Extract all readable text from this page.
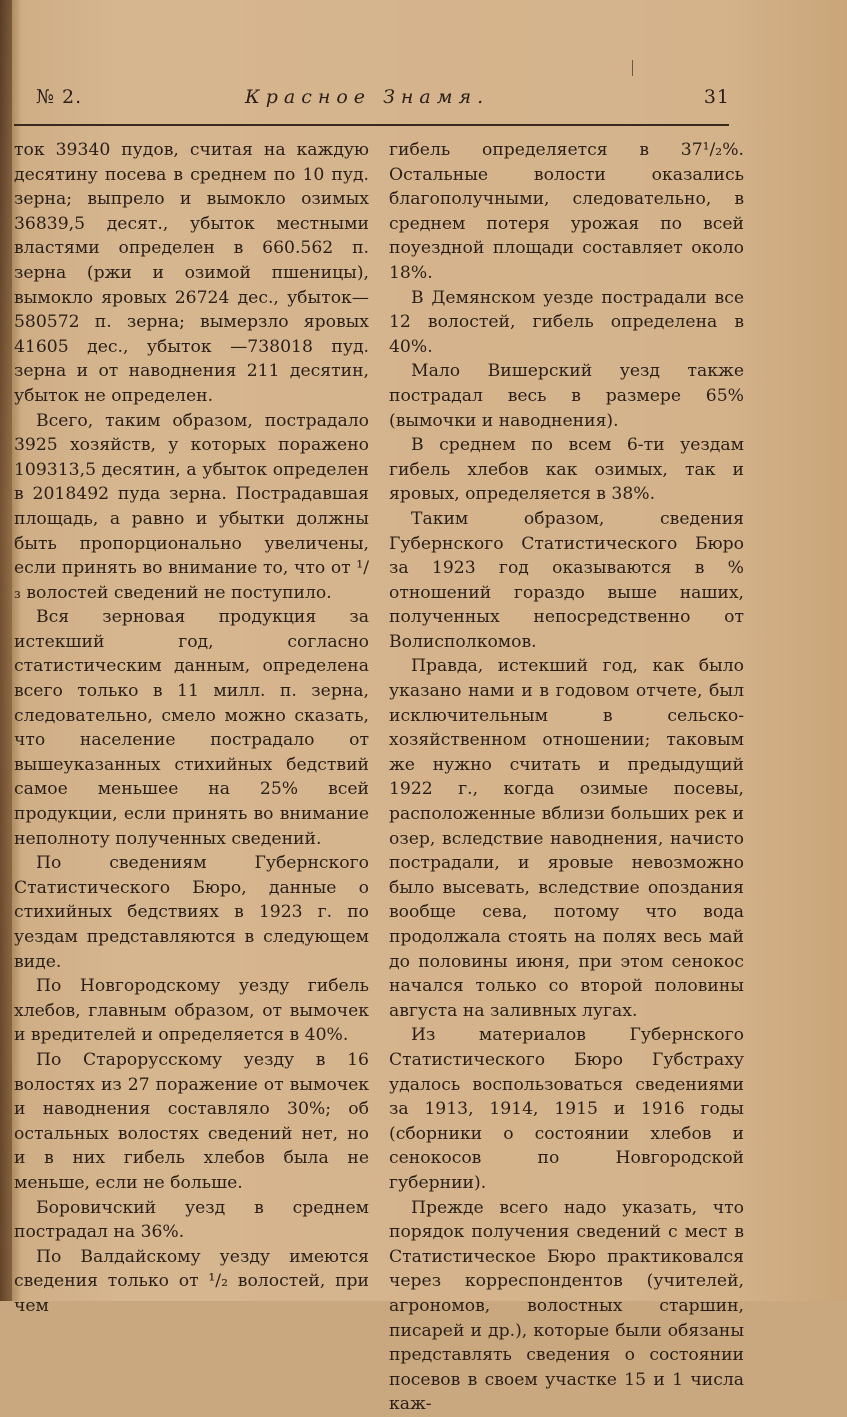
№ 2.	Красное Знамя.	31

ток 39340 пудов, считая на каждую десятину посева в среднем по 10 пуд. зерна; выпрело и вымокло озимых 36839,5 десят., убыток местными властями определен в 660.562 п. зерна (ржи и озимой пшеницы), вымокло яровых 26724 дес., убыток—580572 п. зерна; вымерзло яровых 41605 дес., убыток —738018 пуд. зерна и от наводнения 211 десятин, убыток не определен.

Всего, таким образом, пострадало 3925 хозяйств, у которых поражено 109313,5 десятин, а убыток определен в 2018492 пуда зерна. Пострадавшая площадь, а равно и убытки должны быть пропорционально увеличены, если принять во внимание то, что от ¹/₃ волостей сведений не поступило.

Вся зерновая продукция за истекший год, согласно статистическим данным, определена всего только в 11 милл. п. зерна, следовательно, смело можно сказать, что население пострадало от вышеуказанных стихийных бедствий самое меньшее на 25% всей продукции, если принять во внимание неполноту полученных сведений.

По сведениям Губернского Статистического Бюро, данные о стихийных бедствиях в 1923 г. по уездам представляются в следующем виде.

По Новгородскому уезду гибель хлебов, главным образом, от вымочек и вредителей и определяется в 40%.

По Старорусскому уезду в 16 волостях из 27 поражение от вымочек и наводнения составляло 30%; об остальных волостях сведений нет, но и в них гибель хлебов была не меньше, если не больше.

Боровичский уезд в среднем пострадал на 36%.

По Валдайскому уезду имеются сведения только от ¹/₂ волостей, при чем

гибель определяется в 37¹/₂%. Остальные волости оказались благополучными, следовательно, в среднем потеря урожая по всей поуездной площади составляет около 18%.

В Демянском уезде пострадали все 12 волостей, гибель определена в 40%.

Мало Вишерский уезд также пострадал весь в размере 65% (вымочки и наводнения).

В среднем по всем 6-ти уездам гибель хлебов как озимых, так и яровых, определяется в 38%.

Таким образом, сведения Губернского Статистического Бюро за 1923 год оказываются в % отношений гораздо выше наших, полученных непосредственно от Волисполкомов.

Правда, истекший год, как было указано нами и в годовом отчете, был исключительным в сельско-хозяйственном отношении; таковым же нужно считать и предыдущий 1922 г., когда озимые посевы, расположенные вблизи больших рек и озер, вследствие наводнения, начисто пострадали, и яровые невозможно было высевать, вследствие опоздания вообще сева, потому что вода продолжала стоять на полях весь май до половины июня, при этом сенокос начался только со второй половины августа на заливных лугах.

Из материалов Губернского Статистического Бюро Губстраху удалось воспользоваться сведениями за 1913, 1914, 1915 и 1916 годы (сборники о состоянии хлебов и сенокосов по Новгородской губернии).

Прежде всего надо указать, что порядок получения сведений с мест в Статистическое Бюро практиковался через корреспондентов (учителей, агрономов, волостных старшин, писарей и др.), которые были обязаны представлять сведения о состоянии посевов в своем участке 15 и 1 числа каж-
